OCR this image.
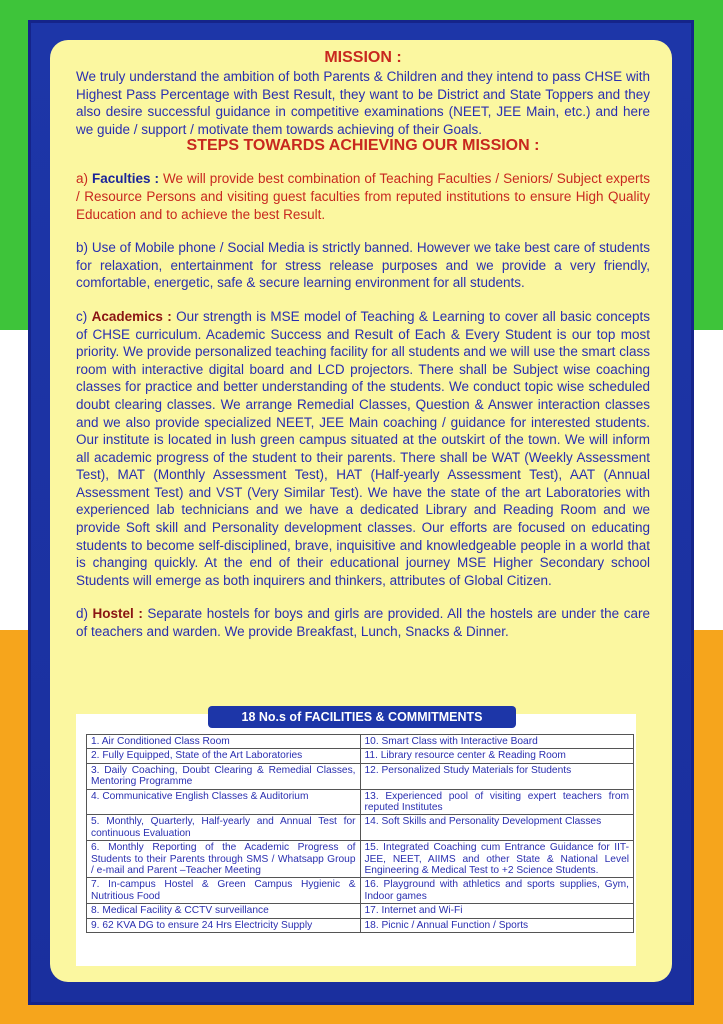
MISSION :

We truly understand the ambition of both Parents & Children and they intend to pass CHSE with Highest Pass Percentage with Best Result, they want to be District and State Toppers and they also desire successful guidance in competitive examinations (NEET, JEE Main, etc.) and here we guide / support / motivate them towards achieving of their Goals.

STEPS TOWARDS ACHIEVING OUR MISSION :

a) Faculties : We will provide best combination of Teaching Faculties / Seniors/ Subject experts / Resource Persons and visiting guest faculties from reputed institutions to ensure High Quality Education and to achieve the best Result.

b) Use of Mobile phone / Social Media is strictly banned. However we take best care of students for relaxation, entertainment for stress release purposes and we provide a very friendly, comfortable, energetic, safe & secure learning environment for all students.

c) Academics : Our strength is MSE model of Teaching & Learning to cover all basic concepts of CHSE curriculum. Academic Success and Result of Each & Every Student is our top most priority. We provide personalized teaching facility for all students and we will use the smart class room with interactive digital board and LCD projectors. There shall be Subject wise coaching classes for practice and better understanding of the students. We conduct topic wise scheduled doubt clearing classes. We arrange Remedial Classes, Question & Answer interaction classes and we also provide specialized NEET, JEE Main coaching / guidance for interested students. Our institute is located in lush green campus situated at the outskirt of the town. We will inform all academic progress of the student to their parents. There shall be WAT (Weekly Assessment Test), MAT (Monthly Assessment Test), HAT (Half-yearly Assessment Test), AAT (Annual Assessment Test) and VST (Very Similar Test). We have the state of the art Laboratories with experienced lab technicians and we have a dedicated Library and Reading Room and we provide Soft skill and Personality development classes. Our efforts are focused on educating students to become self-disciplined, brave, inquisitive and knowledgeable people in a world that is changing quickly. At the end of their educational journey MSE Higher Secondary school Students will emerge as both inquirers and thinkers, attributes of Global Citizen.

d) Hostel : Separate hostels for boys and girls are provided. All the hostels are under the care of teachers and warden. We provide Breakfast, Lunch, Snacks & Dinner.

18 No.s of FACILITIES & COMMITMENTS
1. Air Conditioned Class Room	10. Smart Class with Interactive Board
2. Fully Equipped, State of the Art Laboratories	11. Library resource center & Reading Room
3. Daily Coaching, Doubt Clearing & Remedial Classes, Mentoring Programme	12. Personalized Study Materials for Students
4. Communicative English Classes & Auditorium	13. Experienced pool of visiting expert teachers from reputed Institutes
5. Monthly, Quarterly, Half-yearly and Annual Test for continuous Evaluation	14. Soft Skills and Personality Development Classes
6. Monthly Reporting of the Academic Progress of Students to their Parents through SMS / Whatsapp Group / e-mail and Parent –Teacher Meeting	15. Integrated Coaching cum Entrance Guidance for IIT-JEE, NEET, AIIMS and other State & National Level Engineering & Medical Test to +2 Science Students.
7. In-campus Hostel & Green Campus Hygienic & Nutritious Food	16. Playground with athletics and sports supplies, Gym, Indoor games
8. Medical Facility & CCTV surveillance	17. Internet and Wi-Fi
9. 62 KVA DG to ensure 24 Hrs Electricity Supply	18. Picnic / Annual Function / Sports
